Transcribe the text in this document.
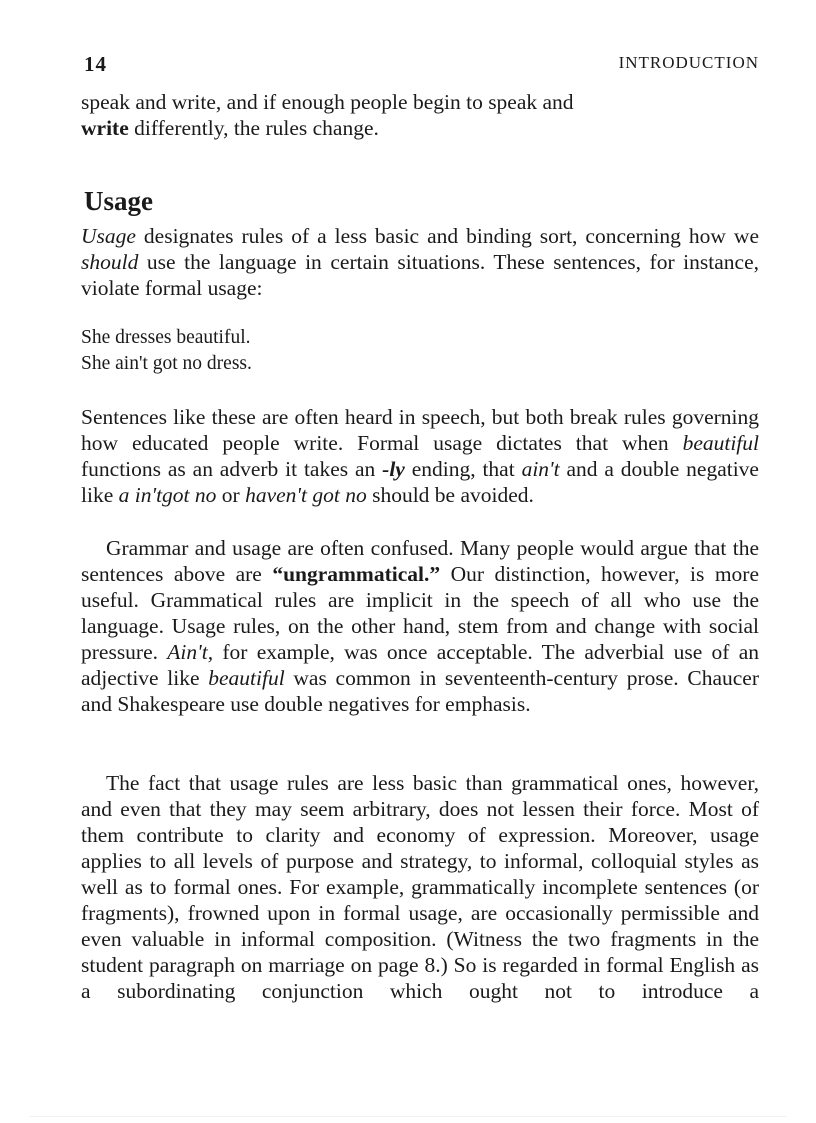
14	INTRODUCTION

speak and write, and if enough people begin to speak and
write differently, the rules change.

Usage

Usage designates rules of a less basic and binding sort, concerning how we should use the language in certain situations. These sentences, for instance, violate formal usage:

She dresses beautiful.
She ain't got no dress.

Sentences like these are often heard in speech, but both break rules governing how educated people write. Formal usage dictates that when beautiful functions as an adverb it takes an -ly ending, that ain't and a double negative like a in'tgot no or haven't got no should be avoided.

Grammar and usage are often confused. Many people would argue that the sentences above are “ungrammatical.” Our distinction, however, is more useful. Grammatical rules are implicit in the speech of all who use the language. Usage rules, on the other hand, stem from and change with social pressure. Ain't, for example, was once acceptable. The adverbial use of an adjective like beautiful was common in seventeenth-century prose. Chaucer and Shakespeare use double negatives for emphasis.

The fact that usage rules are less basic than grammatical ones, however, and even that they may seem arbitrary, does not lessen their force. Most of them contribute to clarity and economy of expression. Moreover, usage applies to all levels of purpose and strategy, to informal, colloquial styles as well as to formal ones. For example, grammatically incomplete sentences (or fragments), frowned upon in formal usage, are occasionally permissible and even valuable in informal composition. (Witness the two fragments in the student paragraph on marriage on page 8.) So is regarded in formal English as a subordinating conjunction which ought not to introduce a
